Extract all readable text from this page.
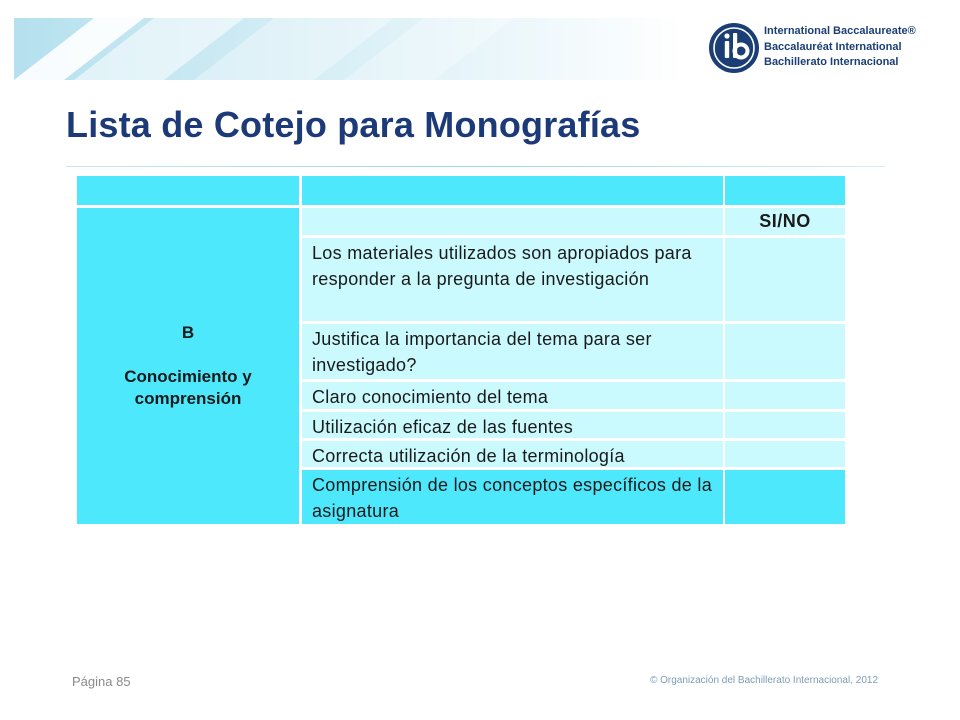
International Baccalaureate®
Baccalauréat International
Bachillerato Internacional
Lista de Cotejo para Monografías
B
Conocimiento y comprensión
SI/NO
Los materiales utilizados son apropiados para responder a la pregunta de investigación
Justifica la importancia del tema para ser investigado?
Claro conocimiento del tema
Utilización eficaz de las fuentes
Correcta utilización de la terminología
Comprensión de los conceptos específicos de la asignatura
Página 85	© Organización del Bachillerato Internacional, 2012
